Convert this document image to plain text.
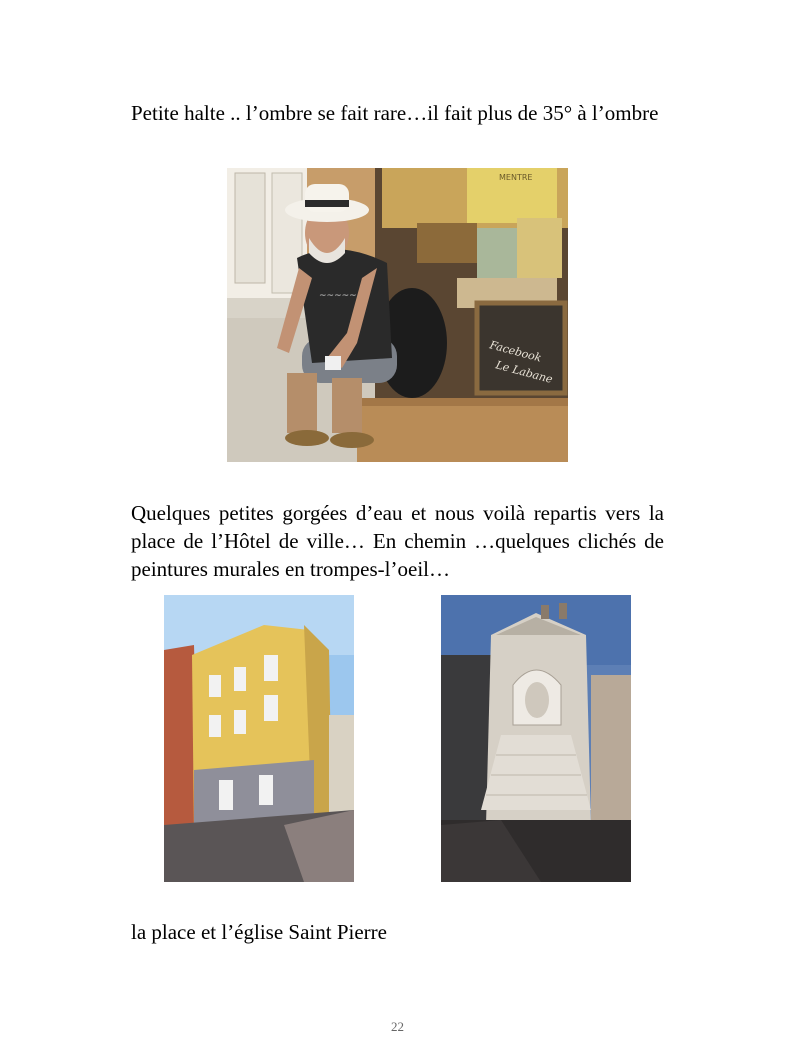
Petite halte .. l’ombre se fait rare…il fait plus de 35° à l’ombre
Facebook
Le Labane
MENTRE
~~~~~
Quelques petites gorgées d’eau et nous voilà repartis vers la place de l’Hôtel de ville… En chemin …quelques clichés de peintures murales en trompes-l’oeil…
la place et l’église Saint Pierre
22
